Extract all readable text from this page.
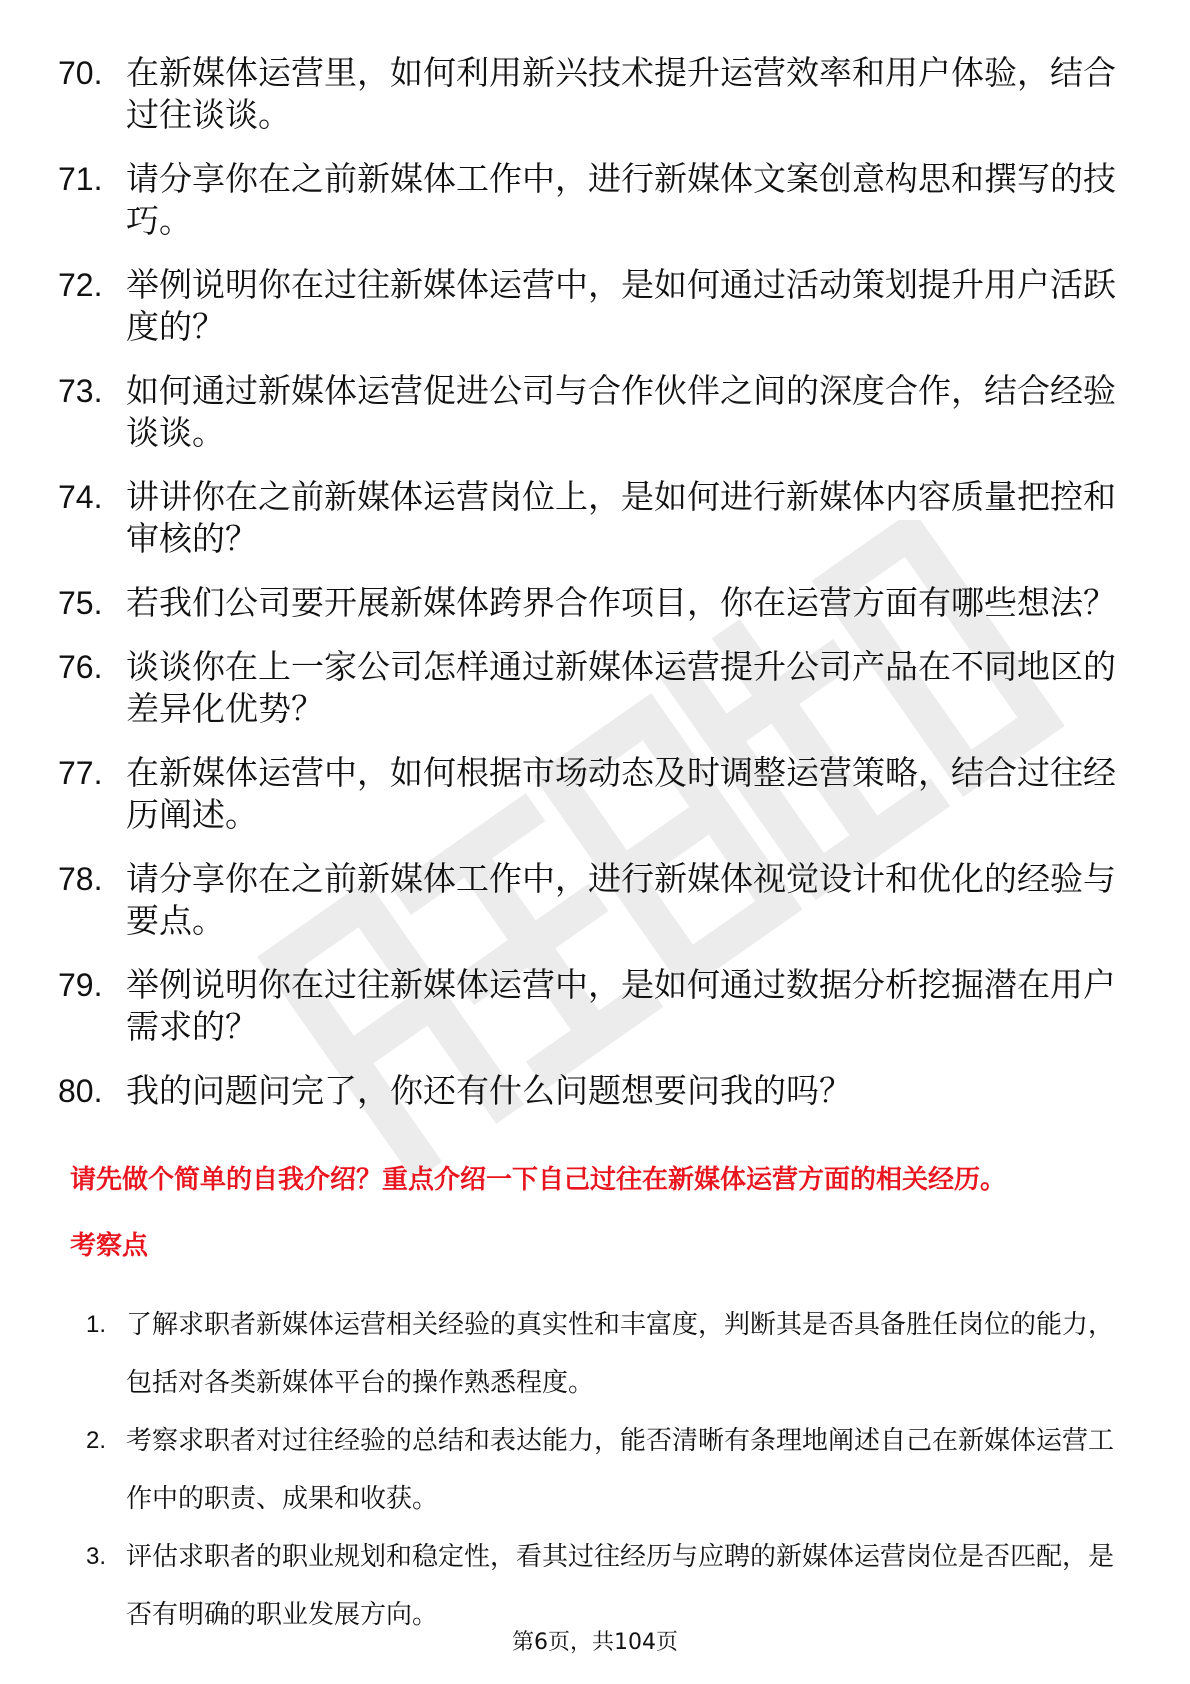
70. 在新媒体运营里，如何利用新兴技术提升运营效率和用户体验，结合过往谈谈。
71. 请分享你在之前新媒体工作中，进行新媒体文案创意构思和撰写的技巧。
72. 举例说明你在过往新媒体运营中，是如何通过活动策划提升用户活跃度的？
73. 如何通过新媒体运营促进公司与合作伙伴之间的深度合作，结合经验谈谈。
74. 讲讲你在之前新媒体运营岗位上，是如何进行新媒体内容质量把控和审核的？
75. 若我们公司要开展新媒体跨界合作项目，你在运营方面有哪些想法？
76. 谈谈你在上一家公司怎样通过新媒体运营提升公司产品在不同地区的差异化优势？
77. 在新媒体运营中，如何根据市场动态及时调整运营策略，结合过往经历阐述。
78. 请分享你在之前新媒体工作中，进行新媒体视觉设计和优化的经验与要点。
79. 举例说明你在过往新媒体运营中，是如何通过数据分析挖掘潜在用户需求的？
80. 我的问题问完了，你还有什么问题想要问我的吗？
请先做个简单的自我介绍？重点介绍一下自己过往在新媒体运营方面的相关经历。
考察点
1. 了解求职者新媒体运营相关经验的真实性和丰富度，判断其是否具备胜任岗位的能力，包括对各类新媒体平台的操作熟悉程度。
2. 考察求职者对过往经验的总结和表达能力，能否清晰有条理地阐述自己在新媒体运营工作中的职责、成果和收获。
3. 评估求职者的职业规划和稳定性，看其过往经历与应聘的新媒体运营岗位是否匹配，是否有明确的职业发展方向。
第6页，共104页
